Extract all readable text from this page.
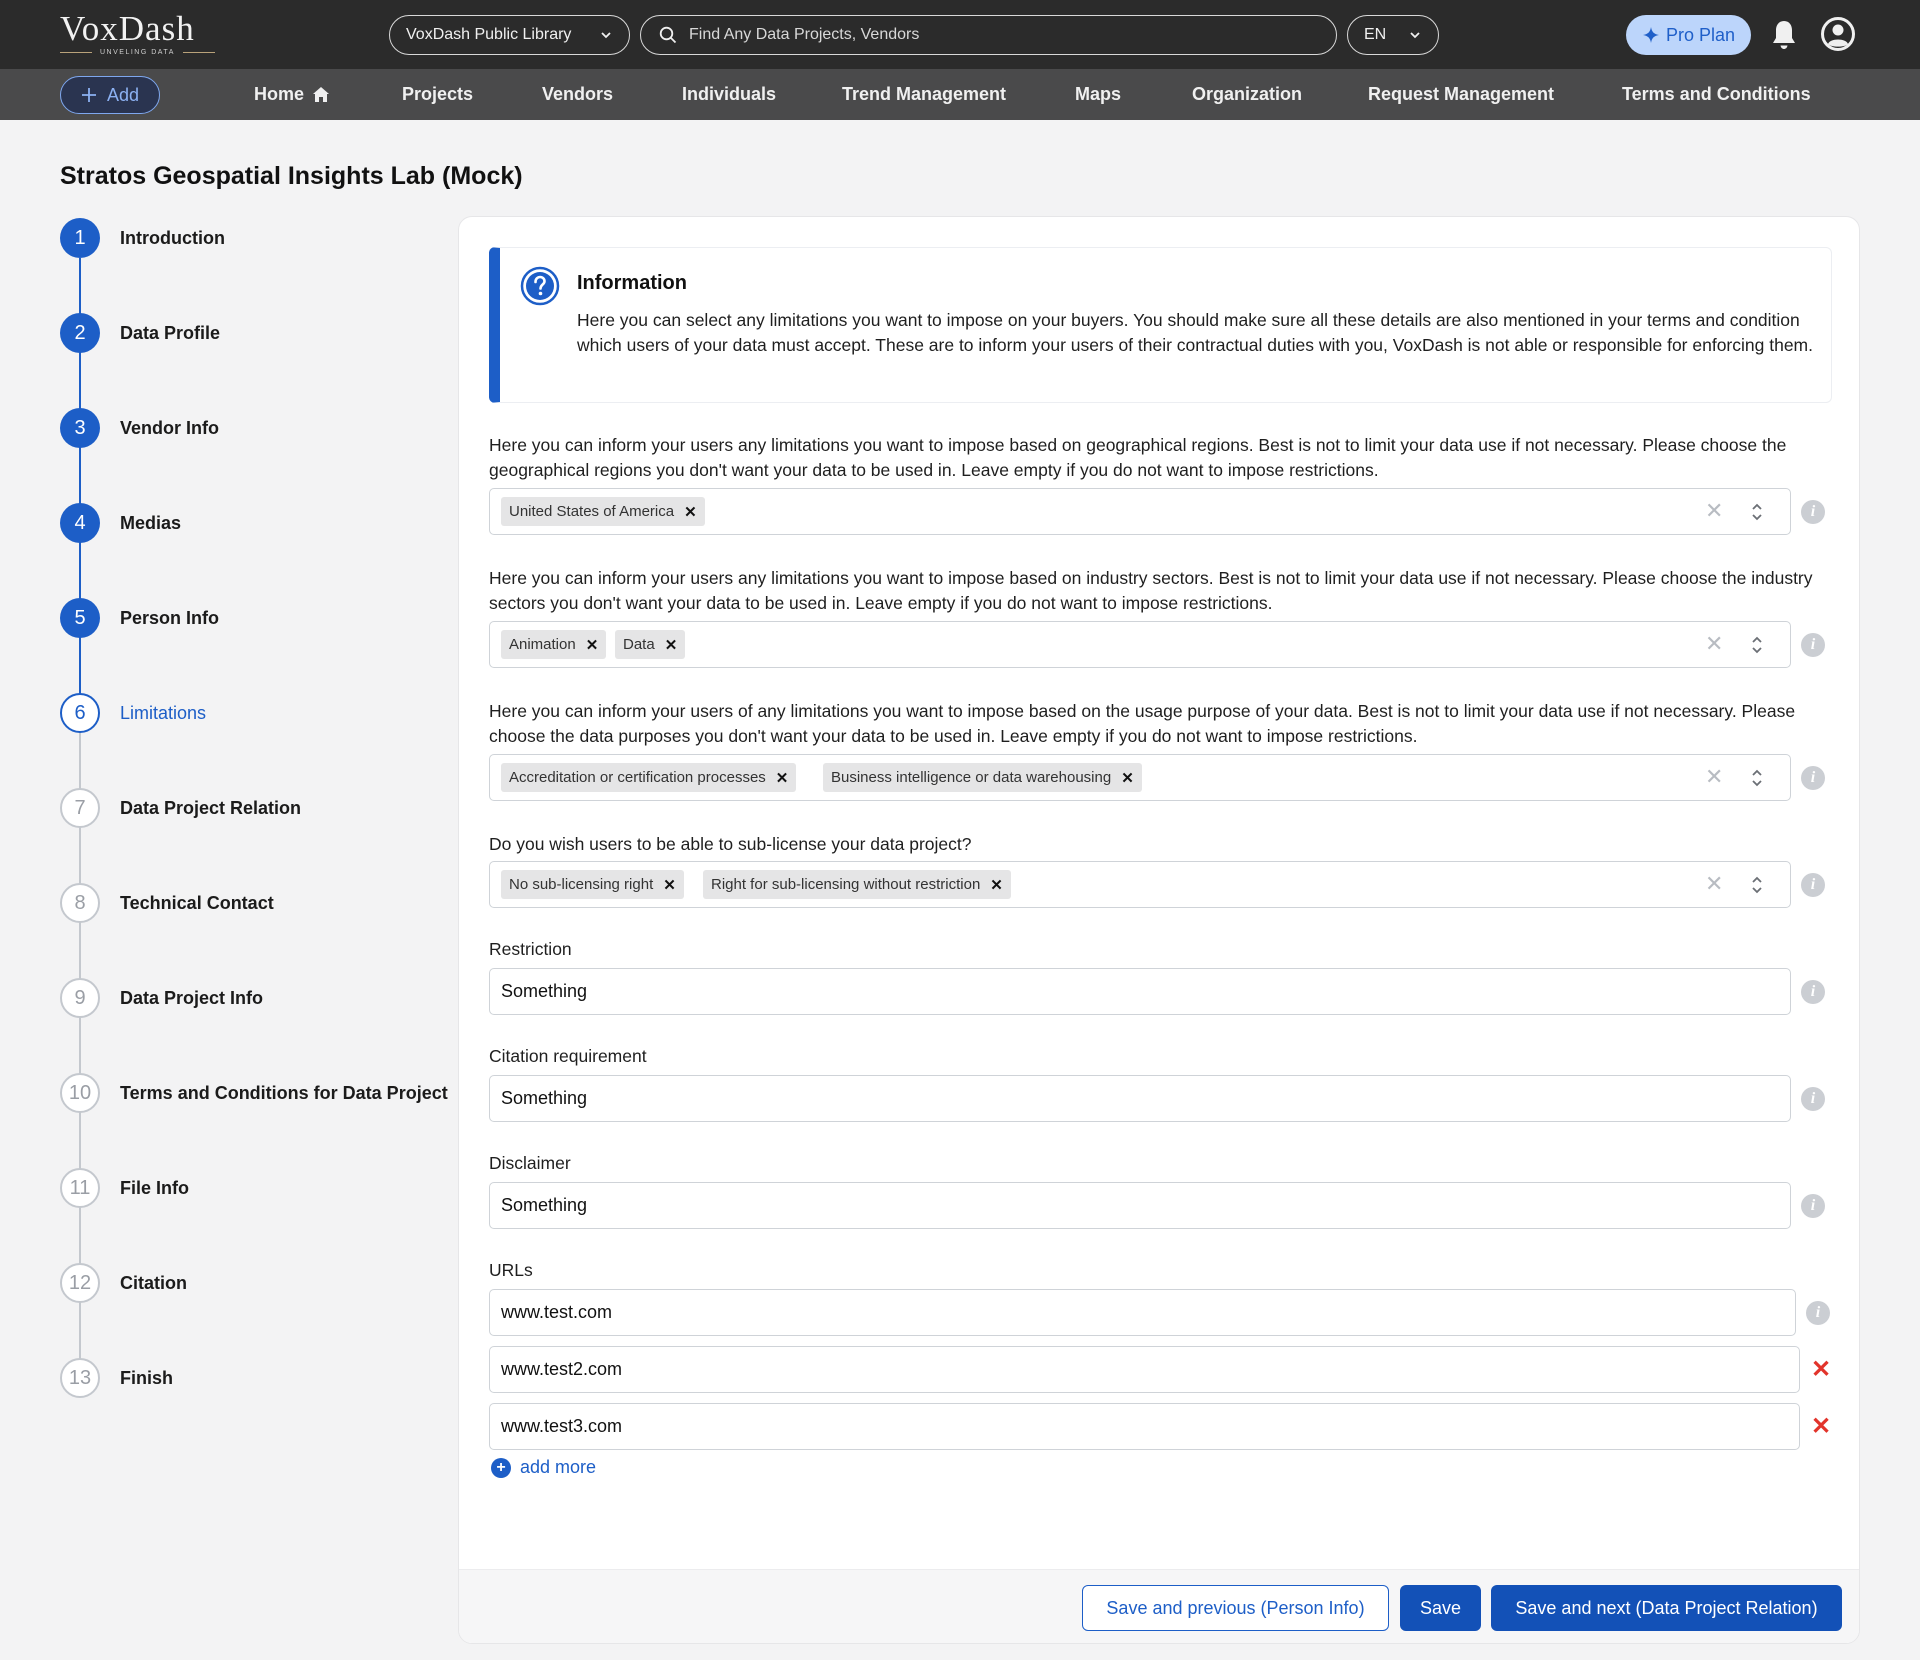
VoxDash
UNVELING DATA
VoxDash Public Library
Find Any Data Projects, Vendors	EN	Pro Plan
Add	Home	Projects	Vendors	Individuals	Trend Management	Maps	Organization	Request Management	Terms and Conditions
Stratos Geospatial Insights Lab (Mock)
1	Introduction
2	Data Profile
3	Vendor Info
4	Medias
5	Person Info
6	Limitations
7	Data Project Relation
8	Technical Contact
9	Data Project Info
10	Terms and Conditions for Data Project
11	File Info
12	Citation
13	Finish
Information
Here you can select any limitations you want to impose on your buyers. You should make sure all these details are also mentioned in your terms and condition which users of your data must accept. These are to inform your users of their contractual duties with you, VoxDash is not able or responsible for enforcing them.
Here you can inform your users any limitations you want to impose based on geographical regions. Best is not to limit your data use if not necessary. Please choose the geographical regions you don't want your data to be used in. Leave empty if you do not want to impose restrictions.
United States of America ✕	✕	i
Here you can inform your users any limitations you want to impose based on industry sectors. Best is not to limit your data use if not necessary. Please choose the industry sectors you don't want your data to be used in. Leave empty if you do not want to impose restrictions.
Animation ✕ Data ✕	✕	i
Here you can inform your users of any limitations you want to impose based on the usage purpose of your data. Best is not to limit your data use if not necessary. Please choose the data purposes you don't want your data to be used in. Leave empty if you do not want to impose restrictions.
Accreditation or certification processes ✕	Business intelligence or data warehousing ✕	✕	i
Do you wish users to be able to sub-license your data project?
No sub-licensing right ✕ Right for sub-licensing without restriction ✕	✕	i
Restriction
Something
i
Citation requirement
Something
i
Disclaimer
Something
i
URLs
www.test.com
i
www.test2.com
✕
www.test3.com
✕
+ add more
Save and previous (Person Info)	Save	Save and next (Data Project Relation)
